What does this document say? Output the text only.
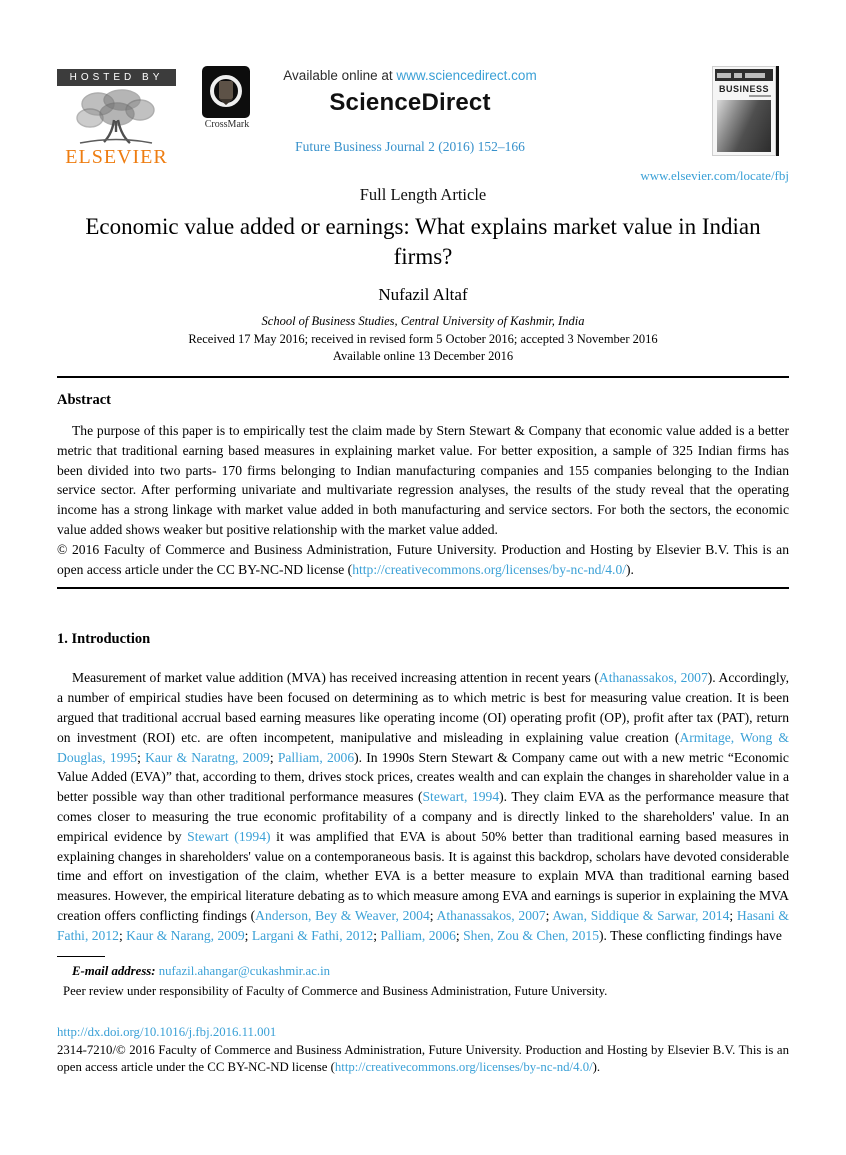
HOSTED BY
ELSEVIER
CrossMark
Available online at www.sciencedirect.com
ScienceDirect
Future Business Journal 2 (2016) 152–166
BUSINESS
www.elsevier.com/locate/fbj
Full Length Article
Economic value added or earnings: What explains market value in Indian firms?
Nufazil Altaf
School of Business Studies, Central University of Kashmir, India
Received 17 May 2016; received in revised form 5 October 2016; accepted 3 November 2016
Available online 13 December 2016
Abstract

The purpose of this paper is to empirically test the claim made by Stern Stewart & Company that economic value added is a better metric that traditional earning based measures in explaining market value. For better exposition, a sample of 325 Indian firms has been divided into two parts- 170 firms belonging to Indian manufacturing companies and 155 companies belonging to the Indian service sector. After performing univariate and multivariate regression analyses, the results of the study reveal that the operating income has a strong linkage with market value added in both manufacturing and service sectors. For both the sectors, the economic value added shows weaker but positive relationship with the market value added.

© 2016 Faculty of Commerce and Business Administration, Future University. Production and Hosting by Elsevier B.V. This is an open access article under the CC BY-NC-ND license (http://creativecommons.org/licenses/by-nc-nd/4.0/).

1. Introduction

Measurement of market value addition (MVA) has received increasing attention in recent years (Athanassakos, 2007). Accordingly, a number of empirical studies have been focused on determining as to which metric is best for measuring value creation. It is been argued that traditional accrual based earning measures like operating income (OI) operating profit (OP), profit after tax (PAT), return on investment (ROI) etc. are often incompetent, manipulative and misleading in explaining value creation (Armitage, Wong & Douglas, 1995; Kaur & Naratng, 2009; Palliam, 2006). In 1990s Stern Stewart & Company came out with a new metric “Economic Value Added (EVA)” that, according to them, drives stock prices, creates wealth and can explain the changes in shareholder value in a better possible way than other traditional performance measures (Stewart, 1994). They claim EVA as the performance measure that comes closer to measuring the true economic profitability of a company and is directly linked to the shareholders' value. In an empirical evidence by Stewart (1994) it was amplified that EVA is about 50% better than traditional earning based measures in explaining changes in shareholders' value on a contemporaneous basis. It is against this backdrop, scholars have devoted considerable time and effort on investigation of the claim, whether EVA is a better measure to explain MVA than traditional earning based measures. However, the empirical literature debating as to which measure among EVA and earnings is superior in explaining the MVA creation offers conflicting findings (Anderson, Bey & Weaver, 2004; Athanassakos, 2007; Awan, Siddique & Sarwar, 2014; Hasani & Fathi, 2012; Kaur & Narang, 2009; Largani & Fathi, 2012; Palliam, 2006; Shen, Zou & Chen, 2015). These conflicting findings have

E-mail address: nufazil.ahangar@cukashmir.ac.in

Peer review under responsibility of Faculty of Commerce and Business Administration, Future University.

http://dx.doi.org/10.1016/j.fbj.2016.11.001

2314-7210/© 2016 Faculty of Commerce and Business Administration, Future University. Production and Hosting by Elsevier B.V. This is an open access article under the CC BY-NC-ND license (http://creativecommons.org/licenses/by-nc-nd/4.0/).
